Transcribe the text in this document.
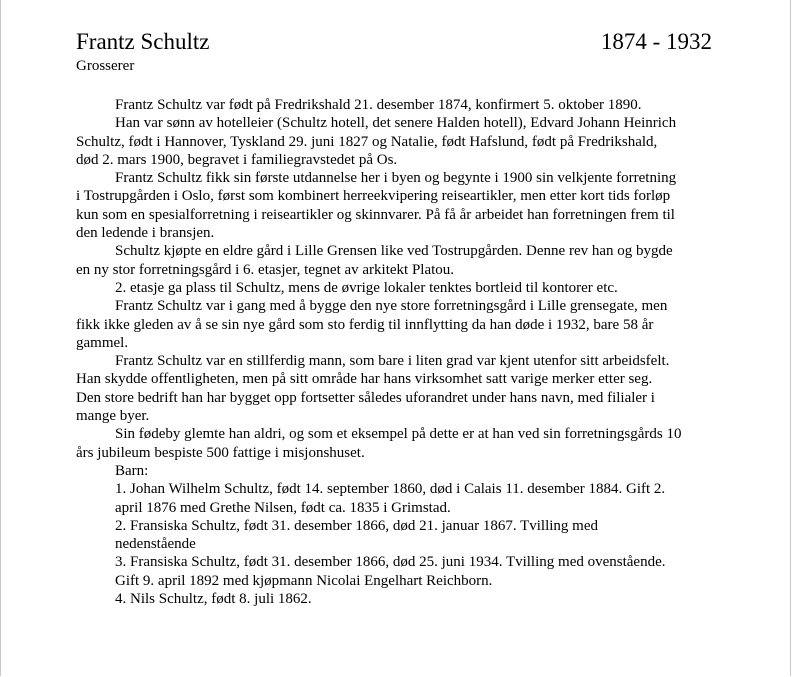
Frantz Schultz	1874 - 1932
Grosserer
Frantz Schultz var født på Fredrikshald 21. desember 1874, konfirmert 5. oktober 1890.
Han var sønn av hotelleier (Schultz hotell, det senere Halden hotell), Edvard Johann Heinrich
Schultz, født i Hannover, Tyskland 29. juni 1827 og Natalie, født Hafslund, født på Fredrikshald,
død 2. mars 1900, begravet i familiegravstedet på Os.
Frantz Schultz fikk sin første utdannelse her i byen og begynte i 1900 sin velkjente forretning
i Tostrupgården i Oslo, først som kombinert herreekvipering reiseartikler, men etter kort tids forløp
kun som en spesialforretning i reiseartikler og skinnvarer. På få år arbeidet han forretningen frem til
den ledende i bransjen.
Schultz kjøpte en eldre gård i Lille Grensen like ved Tostrupgården. Denne rev han og bygde
en ny stor forretningsgård i 6. etasjer, tegnet av arkitekt Platou.
2. etasje ga plass til Schultz, mens de øvrige lokaler tenktes bortleid til kontorer etc.
Frantz Schultz var i gang med å bygge den nye store forretningsgård i Lille grensegate, men
fikk ikke gleden av å se sin nye gård som sto ferdig til innflytting da han døde i 1932, bare 58 år
gammel.
Frantz Schultz var en stillferdig mann, som bare i liten grad var kjent utenfor sitt arbeidsfelt.
Han skydde offentligheten, men på sitt område har hans virksomhet satt varige merker etter seg.
Den store bedrift han har bygget opp fortsetter således uforandret under hans navn, med filialer i
mange byer.
Sin fødeby glemte han aldri, og som et eksempel på dette er at han ved sin forretningsgårds 10
års jubileum bespiste 500 fattige i misjonshuset.
Barn:
1. Johan Wilhelm Schultz, født 14. september 1860, død i Calais 11. desember 1884. Gift 2.
april 1876 med Grethe Nilsen, født ca. 1835 i Grimstad.
2. Fransiska Schultz, født 31. desember 1866, død 21. januar 1867. Tvilling med
nedenstående
3. Fransiska Schultz, født 31. desember 1866, død 25. juni 1934. Tvilling med ovenstående.
Gift 9. april 1892 med kjøpmann Nicolai Engelhart Reichborn.
4. Nils Schultz, født 8. juli 1862.
